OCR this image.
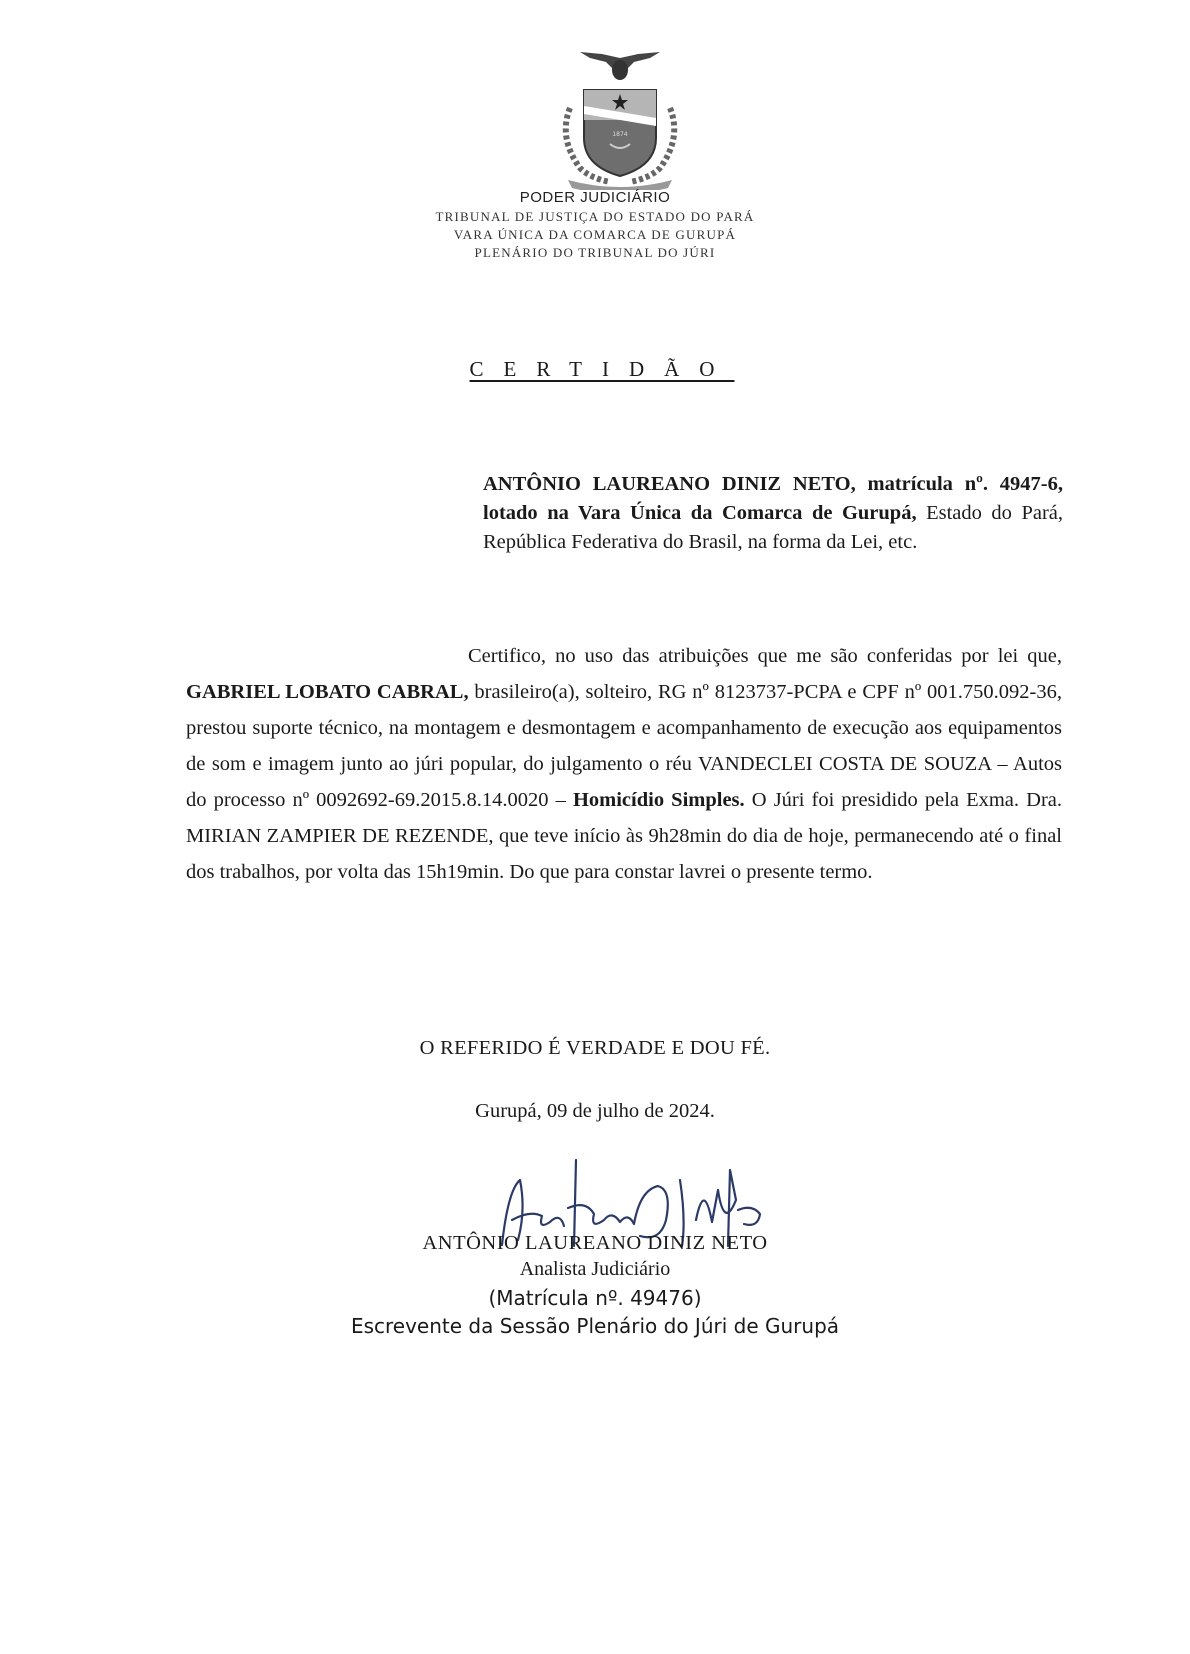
1874

PODER JUDICIÁRIO

TRIBUNAL DE JUSTIÇA DO ESTADO DO PARÁ

VARA ÚNICA DA COMARCA DE GURUPÁ

PLENÁRIO DO TRIBUNAL DO JÚRI

CERTIDÃO
ANTÔNIO LAUREANO DINIZ NETO, matrícula nº. 4947-6, lotado na Vara Única da Comarca de Gurupá, Estado do Pará, República Federativa do Brasil, na forma da Lei, etc.
Certifico, no uso das atribuições que me são conferidas por lei que, GABRIEL LOBATO CABRAL, brasileiro(a), solteiro, RG nº 8123737-PCPA e CPF nº 001.750.092-36, prestou suporte técnico, na montagem e desmontagem e acompanhamento de execução aos equipamentos de som e imagem junto ao júri popular, do julgamento o réu VANDECLEI COSTA DE SOUZA – Autos do processo nº 0092692-69.2015.8.14.0020 – Homicídio Simples. O Júri foi presidido pela Exma. Dra. MIRIAN ZAMPIER DE REZENDE, que teve início às 9h28min do dia de hoje, permanecendo até o final dos trabalhos, por volta das 15h19min. Do que para constar lavrei o presente termo.
O REFERIDO É VERDADE E DOU FÉ.
Gurupá, 09 de julho de 2024.

ANTÔNIO LAUREANO DINIZ NETO

Analista Judiciário

(Matrícula nº. 49476)

Escrevente da Sessão Plenário do Júri de Gurupá
